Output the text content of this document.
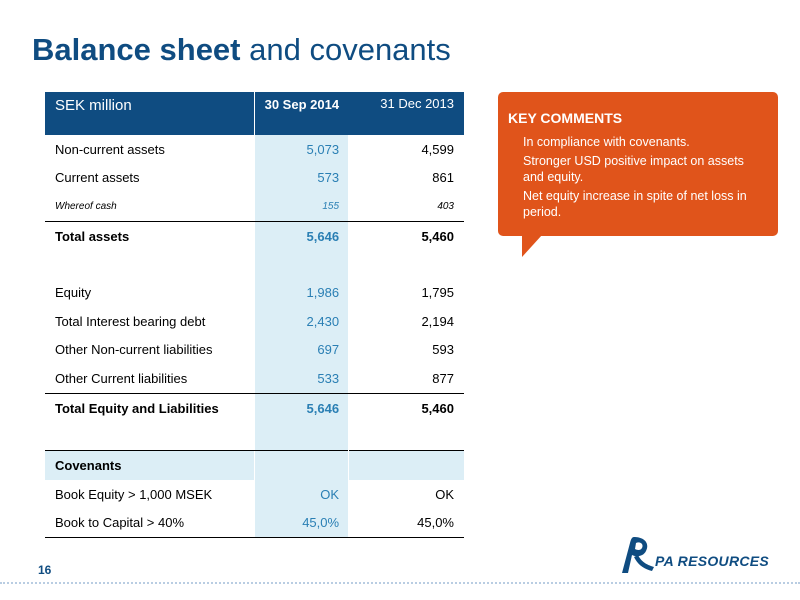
Balance sheet and covenants
SEK million	30 Sep 2014	31 Dec 2013
Non-current assets	5,073	4,599
Current assets	573	861
Whereof cash	155	403
Total assets	5,646	5,460

Equity	1,986	1,795
Total Interest bearing debt	2,430	2,194
Other Non-current liabilities	697	593
Other Current liabilities	533	877
Total Equity and Liabilities	5,646	5,460

Covenants		
Book Equity > 1,000 MSEK	OK	OK
Book to Capital > 40%	45,0%	45,0%
KEY COMMENTS
In compliance with covenants.
Stronger USD positive impact on assets and equity.
Net equity increase in spite of net loss in period.
16
PA RESOURCES
